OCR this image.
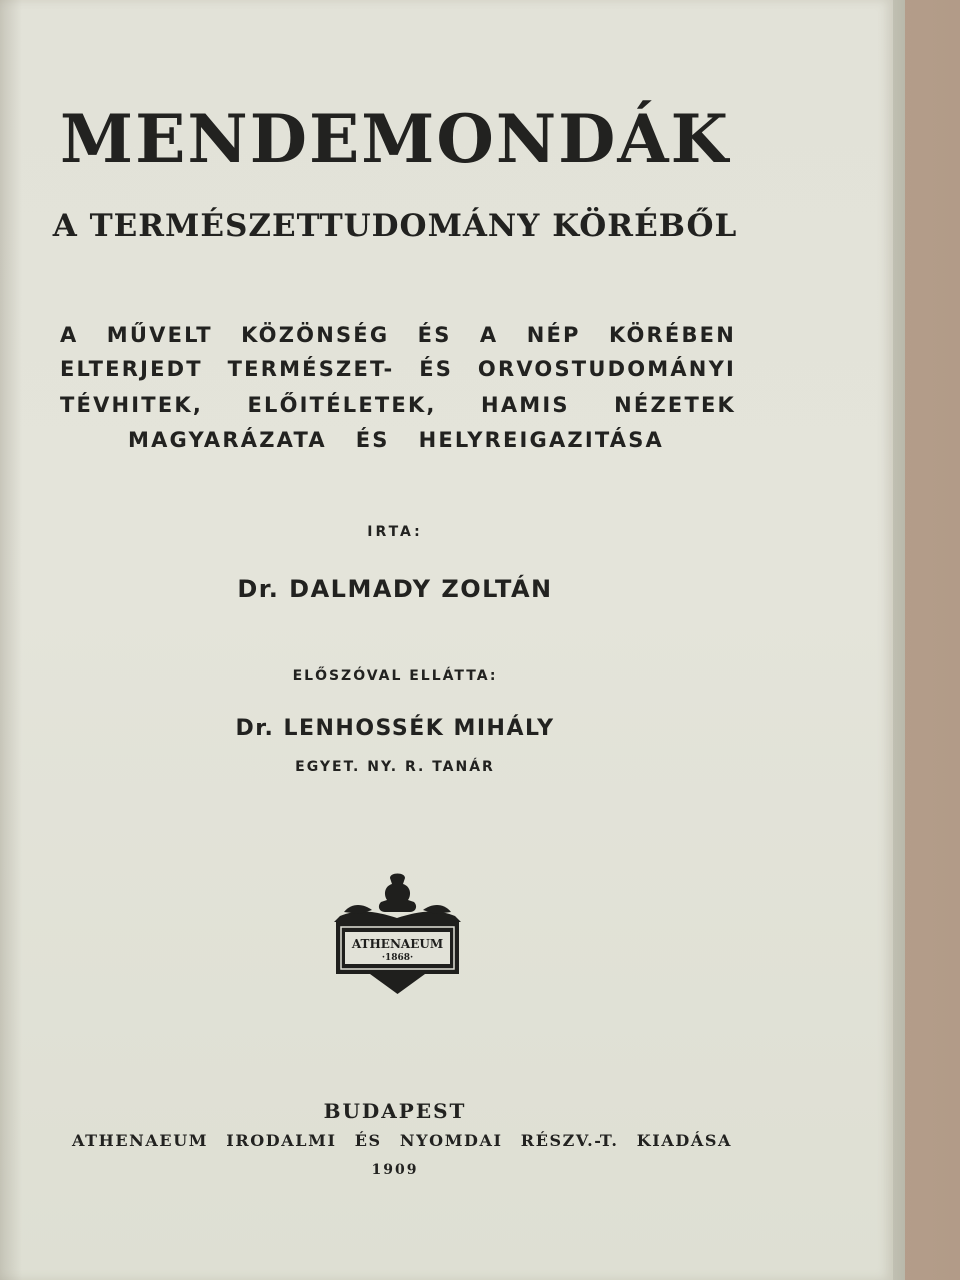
MENDEMONDÁK
A TERMÉSZETTUDOMÁNY KÖRÉBŐL
A MŰVELT KÖZÖNSÉG ÉS A NÉP KÖRÉBEN
ELTERJEDT TERMÉSZET- ÉS ORVOSTUDOMÁNYI
TÉVHITEK, ELŐITÉLETEK, HAMIS NÉZETEK
MAGYARÁZATA ÉS HELYREIGAZITÁSA
IRTA:
Dr. DALMADY ZOLTÁN
ELŐSZÓVAL ELLÁTTA:
Dr. LENHOSSÉK MIHÁLY
EGYET. NY. R. TANÁR
ATHENAEUM
·1868·
BUDAPEST
ATHENAEUM IRODALMI ÉS NYOMDAI RÉSZV.-T. KIADÁSA
1909
